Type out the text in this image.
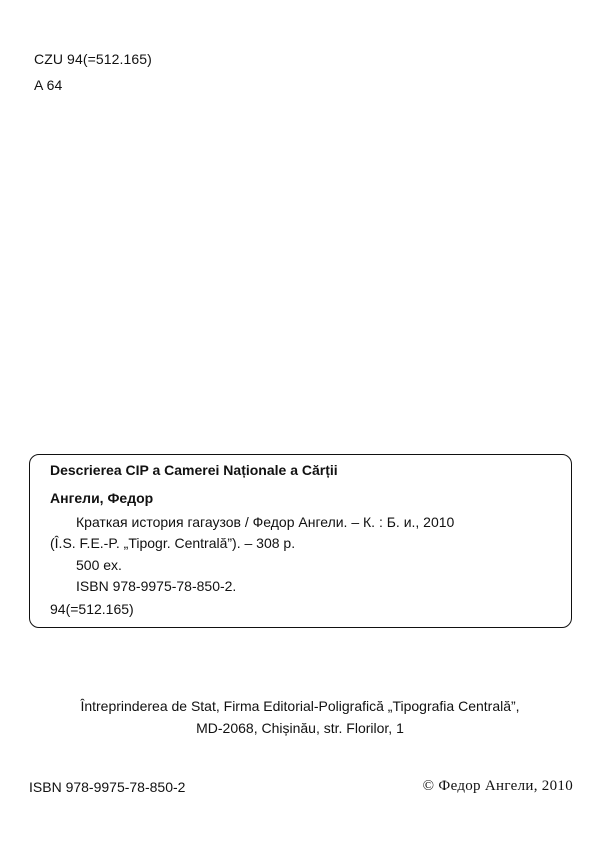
CZU 94(=512.165)
A 64
Descrierea CIP a Camerei Naționale a Cărții
Ангели, Федор
Краткая история гагаузов / Федор Ангели. – К. : Б. и., 2010
(Î.S. F.E.-P. „Tipogr. Centrală”). – 308 p.
500 ex.
ISBN 978-9975-78-850-2.
94(=512.165)
Întreprinderea de Stat, Firma Editorial-Poligrafică „Tipografia Centrală”,
MD-2068, Chișinău, str. Florilor, 1
ISBN 978-9975-78-850-2	© Федор Ангели, 2010
